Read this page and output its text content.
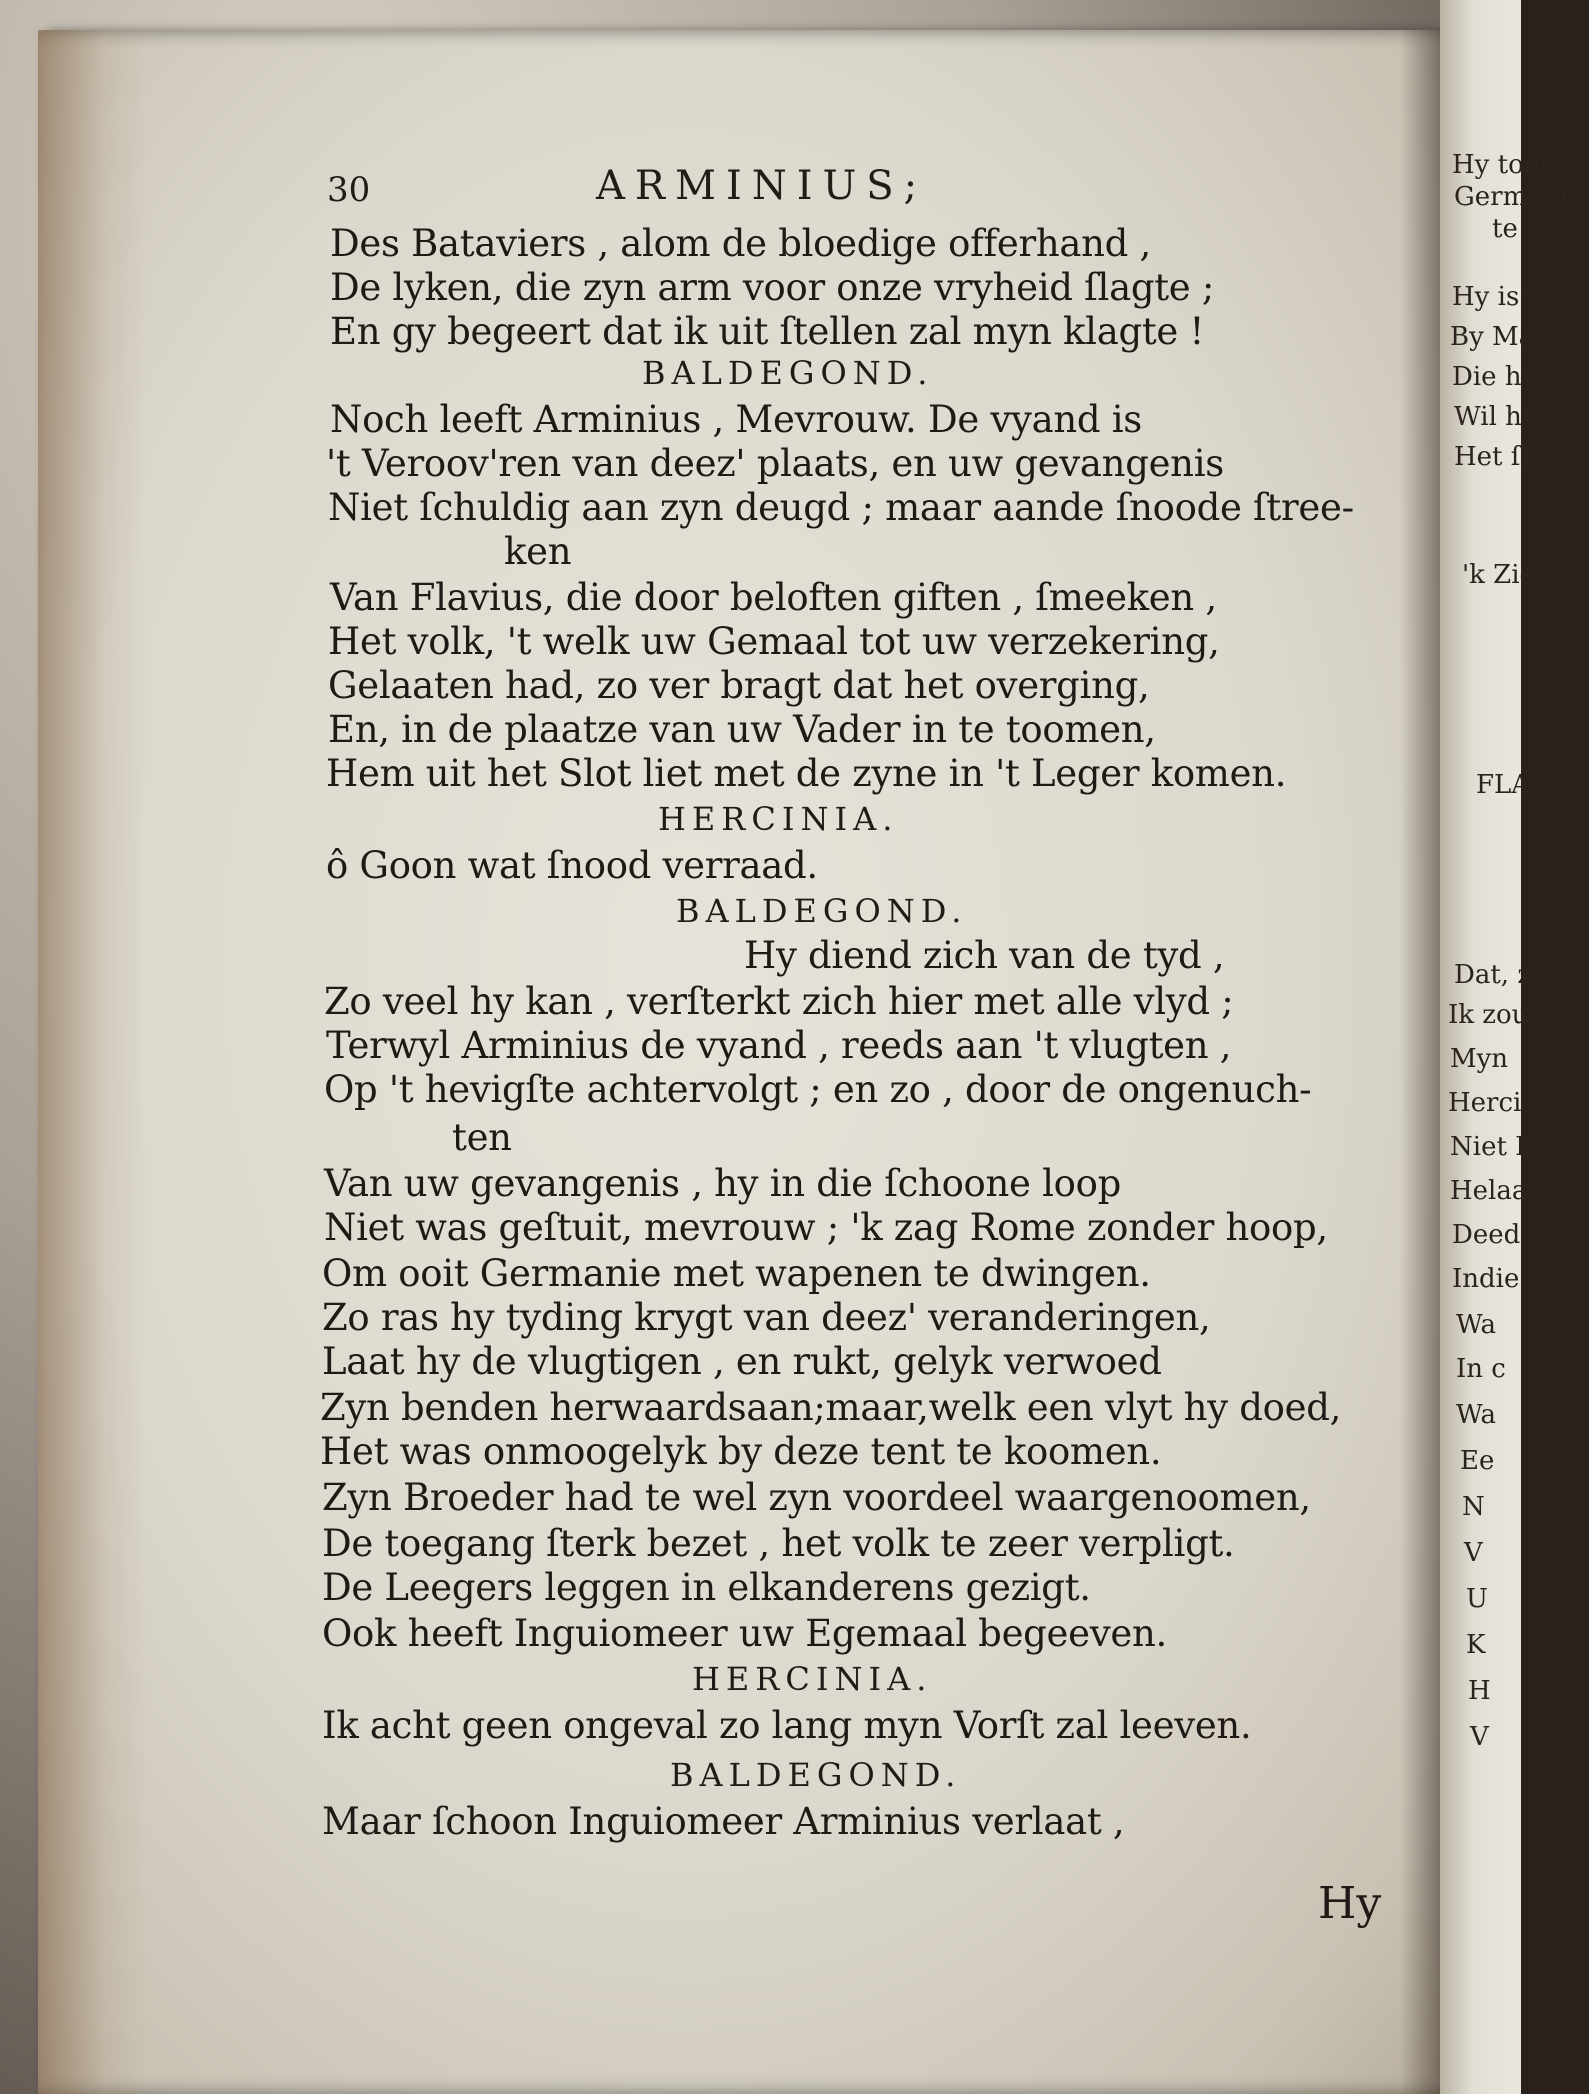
Hy toont z
Germanic
te
Hy is ver
By Maro
Die hy v
Wil hy e
Het ſpy
'k Zie F
FLA
Dat, z
Ik zou
Myn
Herci
Niet I
Helaa
Deed
Indie
Wa
In c
Wa
Ee
N
V
U
K
H
V
30	ARMINIUS;
Des Bataviers , alom de bloedige offerhand ,
De lyken, die zyn arm voor onze vryheid ſlagte ;
En gy begeert dat ik uit ſtellen zal myn klagte !
BALDEGOND.
Noch leeft Arminius , Mevrouw. De vyand is
't Veroov'ren van deez' plaats, en uw gevangenis
Niet ſchuldig aan zyn deugd ; maar aande ſnoode ſtree-
ken
Van Flavius, die door beloften giften , ſmeeken ,
Het volk, 't welk uw Gemaal tot uw verzekering,
Gelaaten had, zo ver bragt dat het overging,
En, in de plaatze van uw Vader in te toomen,
Hem uit het Slot liet met de zyne in 't Leger komen.
HERCINIA.
ô Goon wat ſnood verraad.
BALDEGOND.
Hy diend zich van de tyd ,
Zo veel hy kan , verſterkt zich hier met alle vlyd ;
Terwyl Arminius de vyand , reeds aan 't vlugten ,
Op 't hevigſte achtervolgt ; en zo , door de ongenuch-
ten
Van uw gevangenis , hy in die ſchoone loop
Niet was geſtuit, mevrouw ; 'k zag Rome zonder hoop,
Om ooit Germanie met wapenen te dwingen.
Zo ras hy tyding krygt van deez' veranderingen,
Laat hy de vlugtigen , en rukt, gelyk verwoed
Zyn benden herwaardsaan;maar,welk een vlyt hy doed,
Het was onmoogelyk by deze tent te koomen.
Zyn Broeder had te wel zyn voordeel waargenoomen,
De toegang ſterk bezet , het volk te zeer verpligt.
De Leegers leggen in elkanderens gezigt.
Ook heeft Inguiomeer uw Egemaal begeeven.
HERCINIA.
Ik acht geen ongeval zo lang myn Vorſt zal leeven.
BALDEGOND.
Maar ſchoon Inguiomeer Arminius verlaat ,
Hy
